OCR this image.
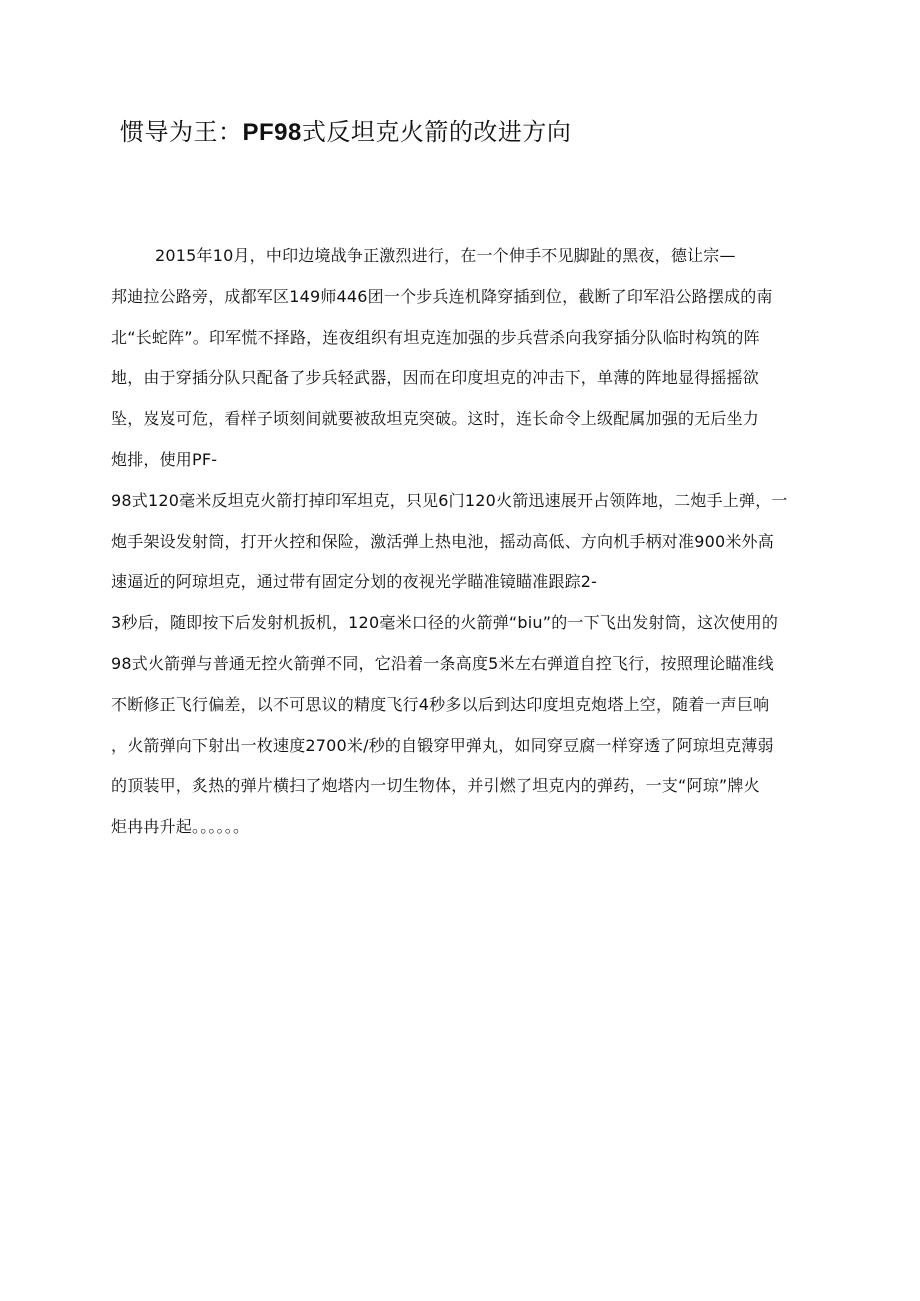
惯导为王：PF98式反坦克火箭的改进方向
2015年10月，中印边境战争正激烈进行，在一个伸手不见脚趾的黑夜，德让宗—
邦迪拉公路旁，成都军区149师446团一个步兵连机降穿插到位，截断了印军沿公路摆成的南
北“长蛇阵”。印军慌不择路，连夜组织有坦克连加强的步兵营杀向我穿插分队临时构筑的阵
地，由于穿插分队只配备了步兵轻武器，因而在印度坦克的冲击下，单薄的阵地显得摇摇欲
坠，岌岌可危，看样子顷刻间就要被敌坦克突破。这时，连长命令上级配属加强的无后坐力
炮排，使用PF-
98式120毫米反坦克火箭打掉印军坦克，只见6门120火箭迅速展开占领阵地，二炮手上弹，一
炮手架设发射筒，打开火控和保险，激活弹上热电池，摇动高低、方向机手柄对准900米外高
速逼近的阿琼坦克，通过带有固定分划的夜视光学瞄准镜瞄准跟踪2-
3秒后，随即按下后发射机扳机，120毫米口径的火箭弹“biu”的一下飞出发射筒，这次使用的
98式火箭弹与普通无控火箭弹不同，它沿着一条高度5米左右弹道自控飞行，按照理论瞄准线
不断修正飞行偏差，以不可思议的精度飞行4秒多以后到达印度坦克炮塔上空，随着一声巨响
，火箭弹向下射出一枚速度2700米/秒的自锻穿甲弹丸，如同穿豆腐一样穿透了阿琼坦克薄弱
的顶装甲，炙热的弹片横扫了炮塔内一切生物体，并引燃了坦克内的弹药，一支“阿琼”牌火
炬冉冉升起。。。。。。
